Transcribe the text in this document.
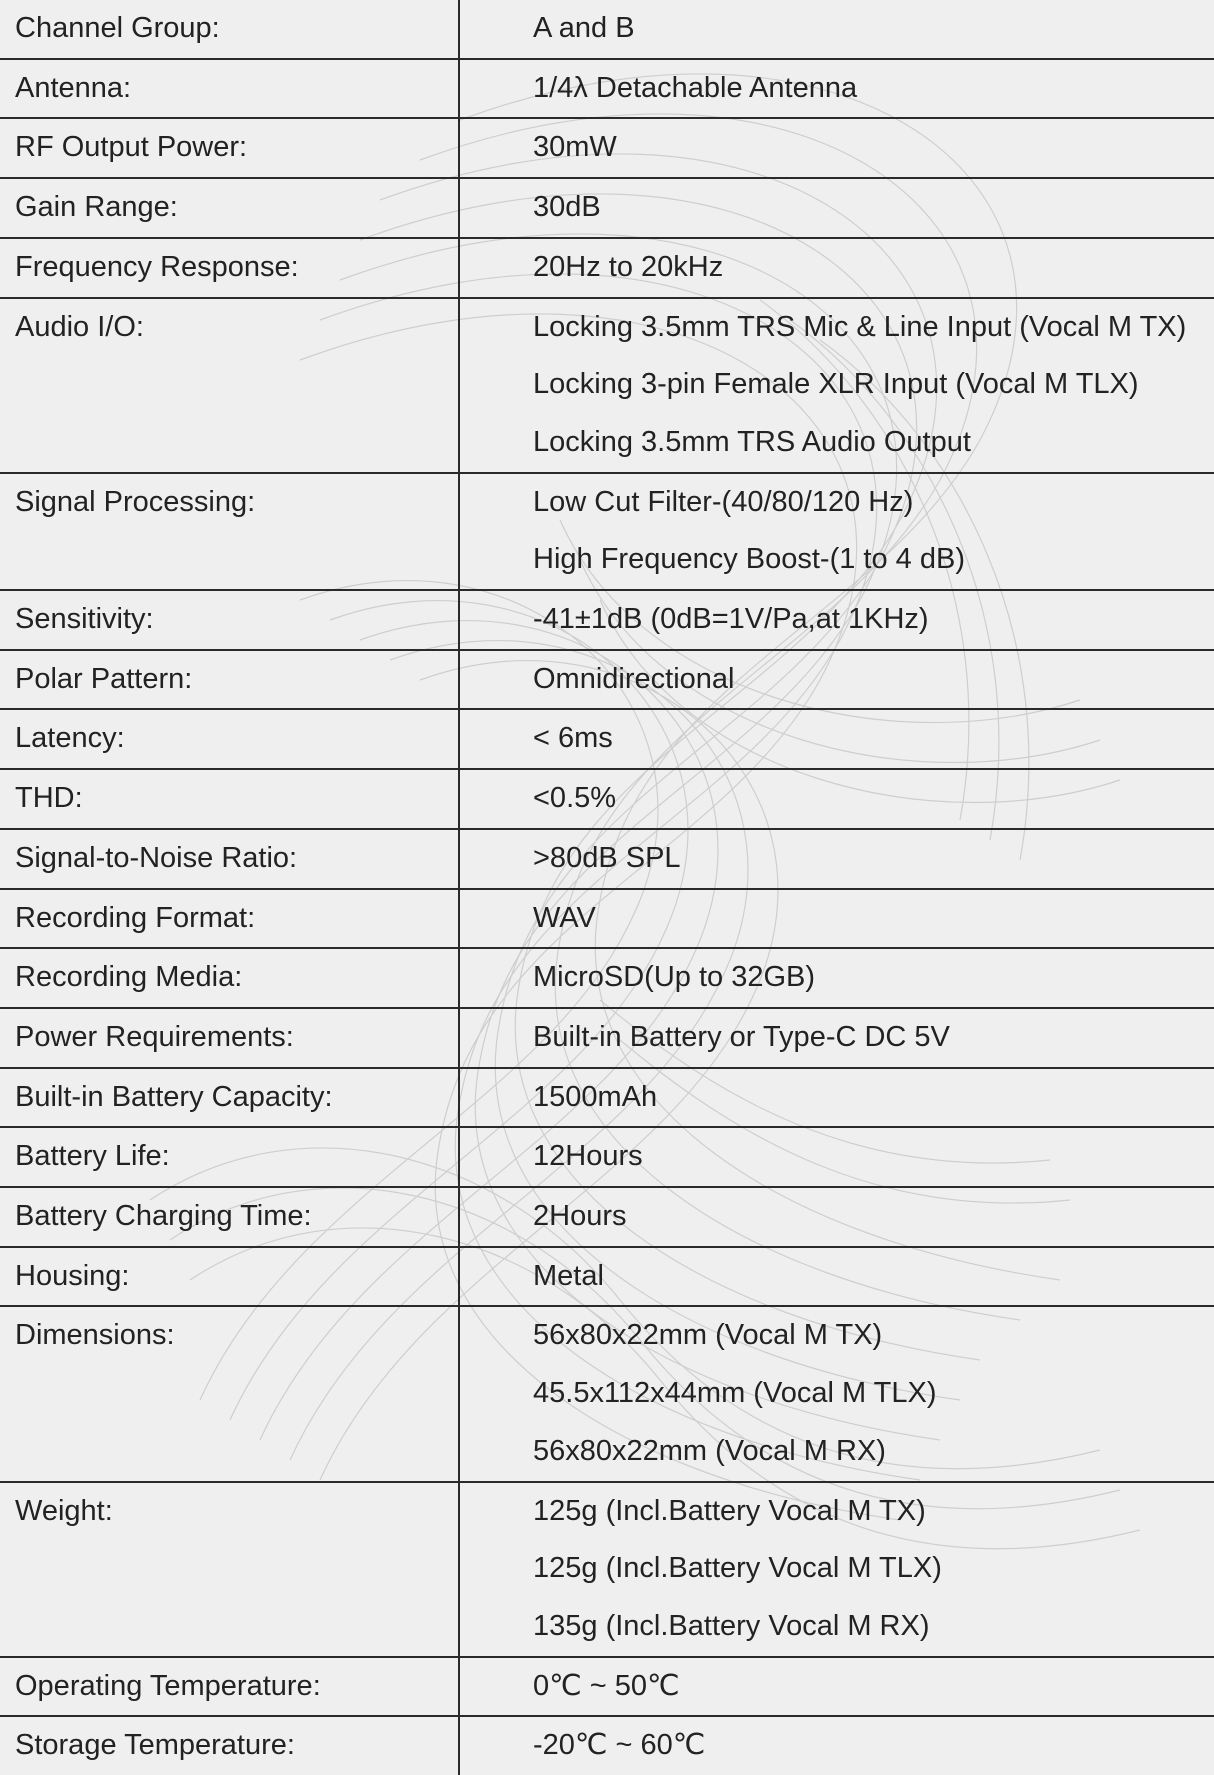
Channel Group:	A and B

Antenna:	1/4λ Detachable Antenna

RF Output Power:	30mW

Gain Range:	30dB

Frequency Response:	20Hz to 20kHz

Audio I/O:	Locking 3.5mm TRS Mic & Line Input (Vocal M TX)
Locking 3-pin Female XLR Input (Vocal M TLX)
Locking 3.5mm TRS Audio Output

Signal Processing:	Low Cut Filter-(40/80/120 Hz)
High Frequency Boost-(1 to 4 dB)

Sensitivity:	-41±1dB (0dB=1V/Pa,at 1KHz)

Polar Pattern:	Omnidirectional

Latency:	< 6ms

THD:	<0.5%

Signal-to-Noise Ratio:	>80dB SPL

Recording Format:	WAV

Recording Media:	MicroSD(Up to 32GB)

Power Requirements:	Built-in Battery or Type-C DC 5V

Built-in Battery Capacity:	1500mAh

Battery Life:	12Hours

Battery Charging Time:	2Hours

Housing:	Metal

Dimensions:	56x80x22mm (Vocal M TX)
45.5x112x44mm (Vocal M TLX)
56x80x22mm (Vocal M RX)

Weight:	125g (Incl.Battery Vocal M TX)
125g (Incl.Battery Vocal M TLX)
135g (Incl.Battery Vocal M RX)

Operating Temperature:	0℃ ~ 50℃

Storage Temperature:	-20℃ ~ 60℃
